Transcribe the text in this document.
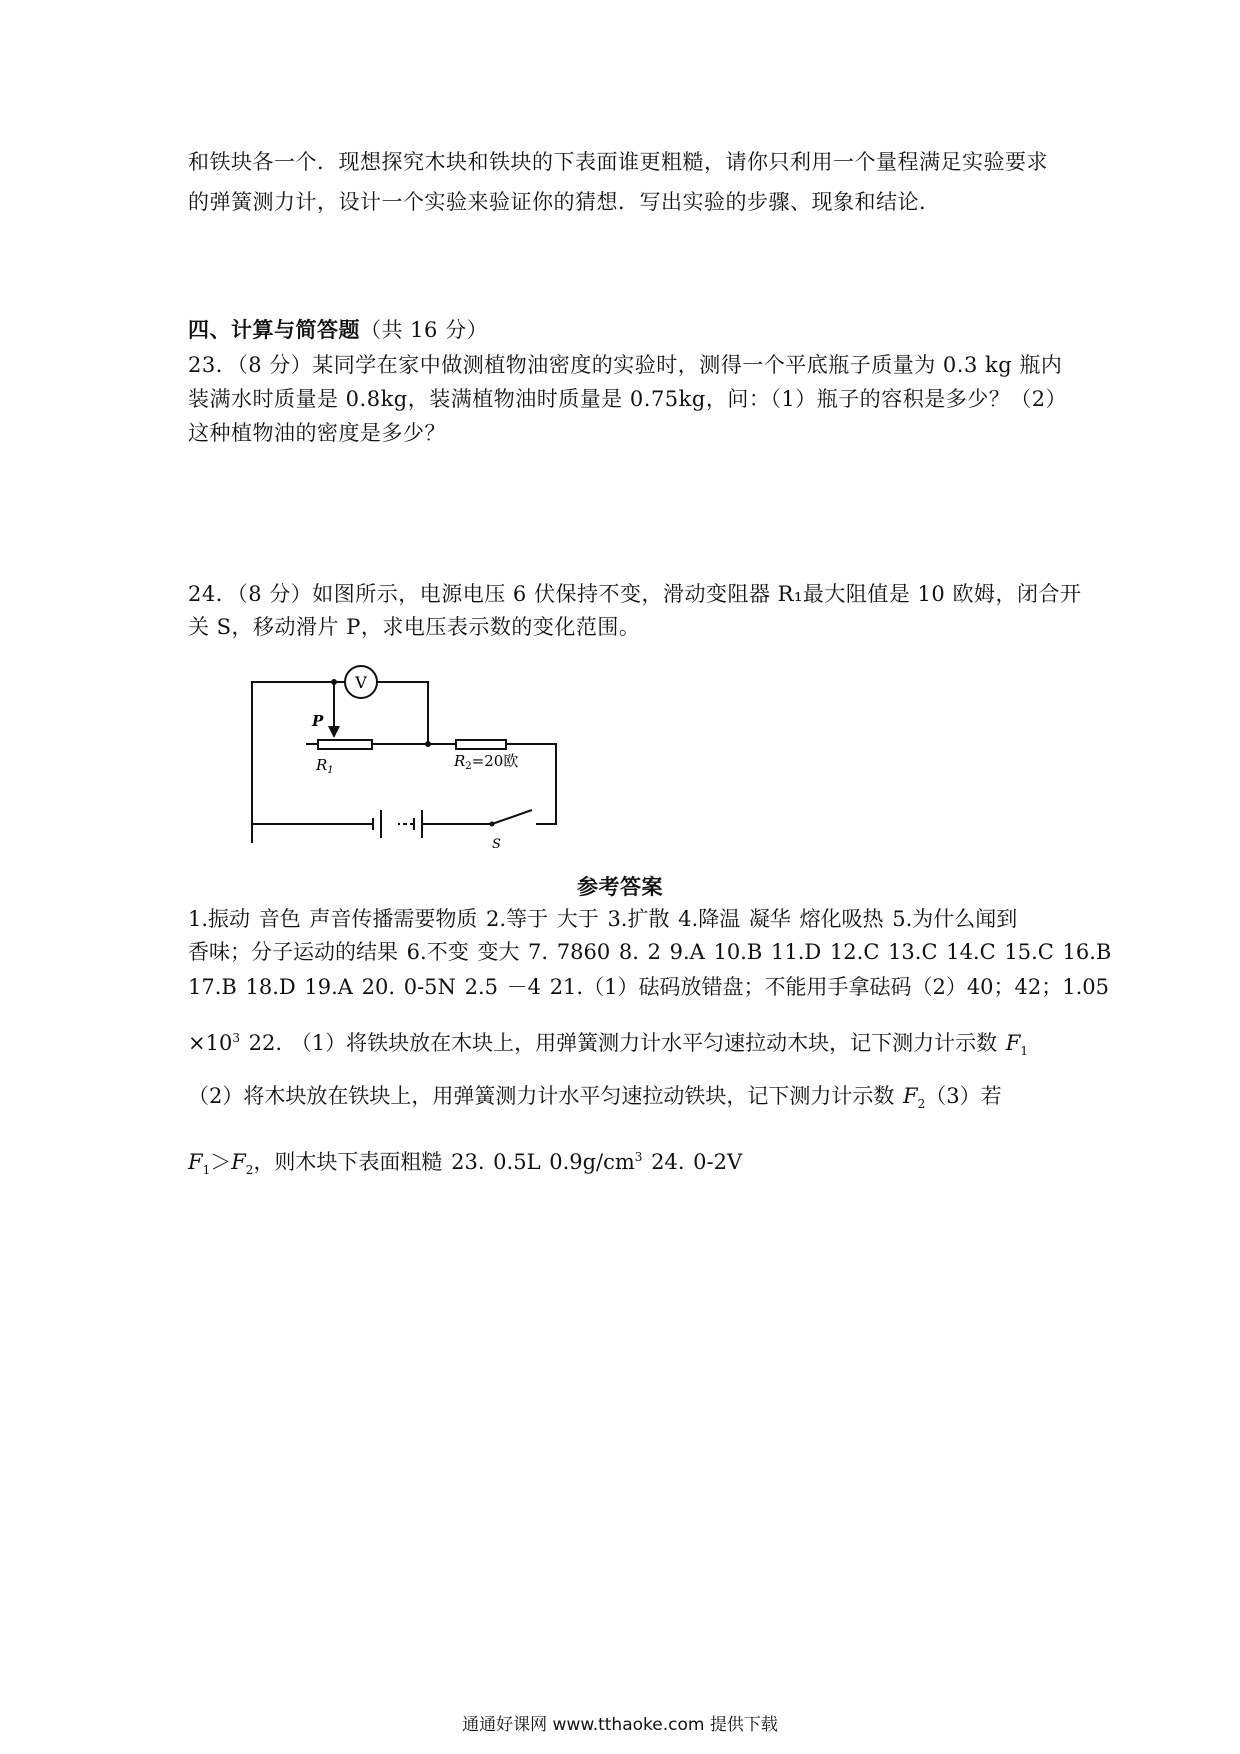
和铁块各一个．现想探究木块和铁块的下表面谁更粗糙，请你只利用一个量程满足实验要求
的弹簧测力计，设计一个实验来验证你的猜想．写出实验的步骤、现象和结论．
四、计算与简答题（共 16 分）
23．（8 分）某同学在家中做测植物油密度的实验时，测得一个平底瓶子质量为 0.3 kg 瓶内
装满水时质量是 0.8kg，装满植物油时质量是 0.75kg，问：（1）瓶子的容积是多少？（2）
这种植物油的密度是多少？
24．（8 分）如图所示，电源电压 6 伏保持不变，滑动变阻器 R₁最大阻值是 10 欧姆，闭合开
关 S，移动滑片 P，求电压表示数的变化范围。
V
P
$R_1$
$R_2=20$欧
S
参考答案
1.振动 音色 声音传播需要物质 2.等于 大于 3.扩散 4.降温 凝华 熔化吸热 5.为什么闻到
香味；分子运动的结果 6.不变 变大 7. 7860 8. 2 9.A 10.B 11.D 12.C 13.C 14.C 15.C 16.B
17.B 18.D 19.A 20. 0-5N 2.5 －4 21.（1）砝码放错盘；不能用手拿砝码（2）40；42；1.05
$\times 10^3$ 22. （1）将铁块放在木块上，用弹簧测力计水平匀速拉动木块，记下测力计示数 $F_1$
（2）将木块放在铁块上，用弹簧测力计水平匀速拉动铁块，记下测力计示数 $F_2(3)$若
$F_1>F_2$，则木块下表面粗糙 23. 0.5L $0.9g/cm^3$ 24. 0-2V
通通好课网 www.tthaoke.com 提供下载
